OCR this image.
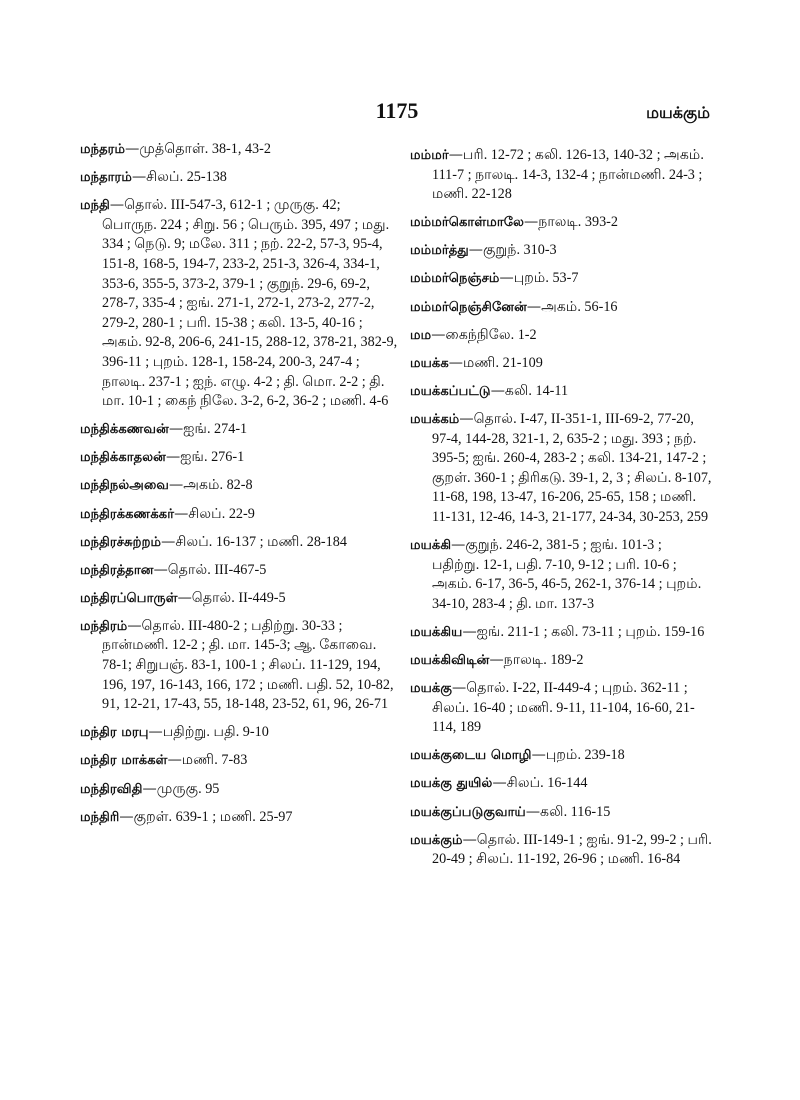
1175	மயக்கும்
மந்தரம்—முத்தொள். 38-1, 43-2
மந்தாரம்—சிலப். 25-138
மந்தி—தொல். III-547-3, 612-1 ; முருகு. 42; பொருந. 224 ; சிறு. 56 ; பெரும். 395, 497 ; மது. 334 ; நெடு. 9; மலே. 311 ; நற். 22-2, 57-3, 95-4, 151-8, 168-5, 194-7, 233-2, 251-3, 326-4, 334-1, 353-6, 355-5, 373-2, 379-1 ; குறுந். 29-6, 69-2, 278-7, 335-4 ; ஐங். 271-1, 272-1, 273-2, 277-2, 279-2, 280-1 ; பரி. 15-38 ; கலி. 13-5, 40-16 ; அகம். 92-8, 206-6, 241-15, 288-12, 378-21, 382-9, 396-11 ; புறம். 128-1, 158-24, 200-3, 247-4 ; நாலடி. 237-1 ; ஐந். எழு. 4-2 ; தி. மொ. 2-2 ; தி. மா. 10-1 ; கைந் நிலே. 3-2, 6-2, 36-2 ; மணி. 4-6
மந்திக்கணவன்—ஐங். 274-1
மந்திக்காதலன்—ஐங். 276-1
மந்திநல்அவை—அகம். 82-8
மந்திரக்கணக்கர்—சிலப். 22-9
மந்திரச்சுற்றம்—சிலப். 16-137 ; மணி. 28-184
மந்திரத்தான—தொல். III-467-5
மந்திரப்பொருள்—தொல். II-449-5
மந்திரம்—தொல். III-480-2 ; பதிற்று. 30-33 ; நான்மணி. 12-2 ; தி. மா. 145-3; ஆ. கோவை. 78-1; சிறுபஞ். 83-1, 100-1 ; சிலப். 11-129, 194, 196, 197, 16-143, 166, 172 ; மணி. பதி. 52, 10-82, 91, 12-21, 17-43, 55, 18-148, 23-52, 61, 96, 26-71
மந்திர மரபு—பதிற்று. பதி. 9-10
மந்திர மாக்கள்—மணி. 7-83
மந்திரவிதி—முருகு. 95
மந்திரி—குறள். 639-1 ; மணி. 25-97
மம்மர்—பரி. 12-72 ; கலி. 126-13, 140-32 ; அகம். 111-7 ; நாலடி. 14-3, 132-4 ; நான்மணி. 24-3 ; மணி. 22-128
மம்மர்கொள்மாலே—நாலடி. 393-2
மம்மர்த்து—குறுந். 310-3
மம்மர்நெஞ்சம்—புறம். 53-7
மம்மர்நெஞ்சினேன்—அகம். 56-16
மம—கைந்நிலே. 1-2
மயக்க—மணி. 21-109
மயக்கப்பட்டு—கலி. 14-11
மயக்கம்—தொல். I-47, II-351-1, III-69-2, 77-20, 97-4, 144-28, 321-1, 2, 635-2 ; மது. 393 ; நற். 395-5; ஐங். 260-4, 283-2 ; கலி. 134-21, 147-2 ; குறள். 360-1 ; திரிகடு. 39-1, 2, 3 ; சிலப். 8-107, 11-68, 198, 13-47, 16-206, 25-65, 158 ; மணி. 11-131, 12-46, 14-3, 21-177, 24-34, 30-253, 259
மயக்கி—குறுந். 246-2, 381-5 ; ஐங். 101-3 ; பதிற்று. 12-1, பதி. 7-10, 9-12 ; பரி. 10-6 ; அகம். 6-17, 36-5, 46-5, 262-1, 376-14 ; புறம். 34-10, 283-4 ; தி. மா. 137-3
மயக்கிய—ஐங். 211-1 ; கலி. 73-11 ; புறம். 159-16
மயக்கிவிடின்—நாலடி. 189-2
மயக்கு—தொல். I-22, II-449-4 ; புறம். 362-11 ; சிலப். 16-40 ; மணி. 9-11, 11-104, 16-60, 21-114, 189
மயக்குடைய மொழி—புறம். 239-18
மயக்கு துயில்—சிலப். 16-144
மயக்குப்படுகுவாய்—கலி. 116-15
மயக்கும்—தொல். III-149-1 ; ஐங். 91-2, 99-2 ; பரி. 20-49 ; சிலப். 11-192, 26-96 ; மணி. 16-84
